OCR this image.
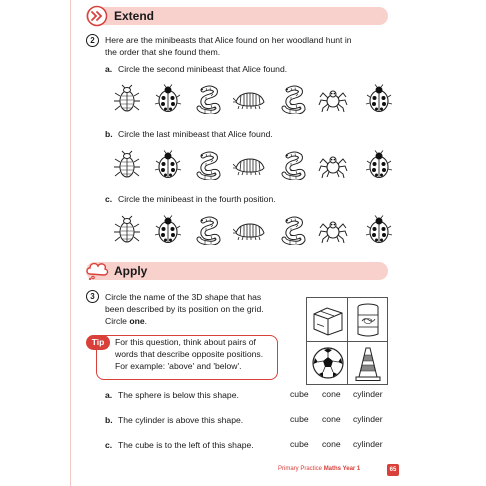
Extend
2	Here are the minibeasts that Alice found on her woodland hunt in
the order that she found them.
a. Circle the second minibeast that Alice found.
b. Circle the last minibeast that Alice found.
c. Circle the minibeast in the fourth position.
Apply
3	Circle the name of the 3D shape that has
been described by its position on the grid.
Circle one.
Tip	For this question, think about pairs of
words that describe opposite positions.
For example: 'above' and 'below'.
a. The sphere is below this shape.	cube cone cylinder
b. The cylinder is above this shape.	cube cone cylinder
c. The cube is to the left of this shape.	cube cone cylinder
Primary Practice Maths Year 1	65
